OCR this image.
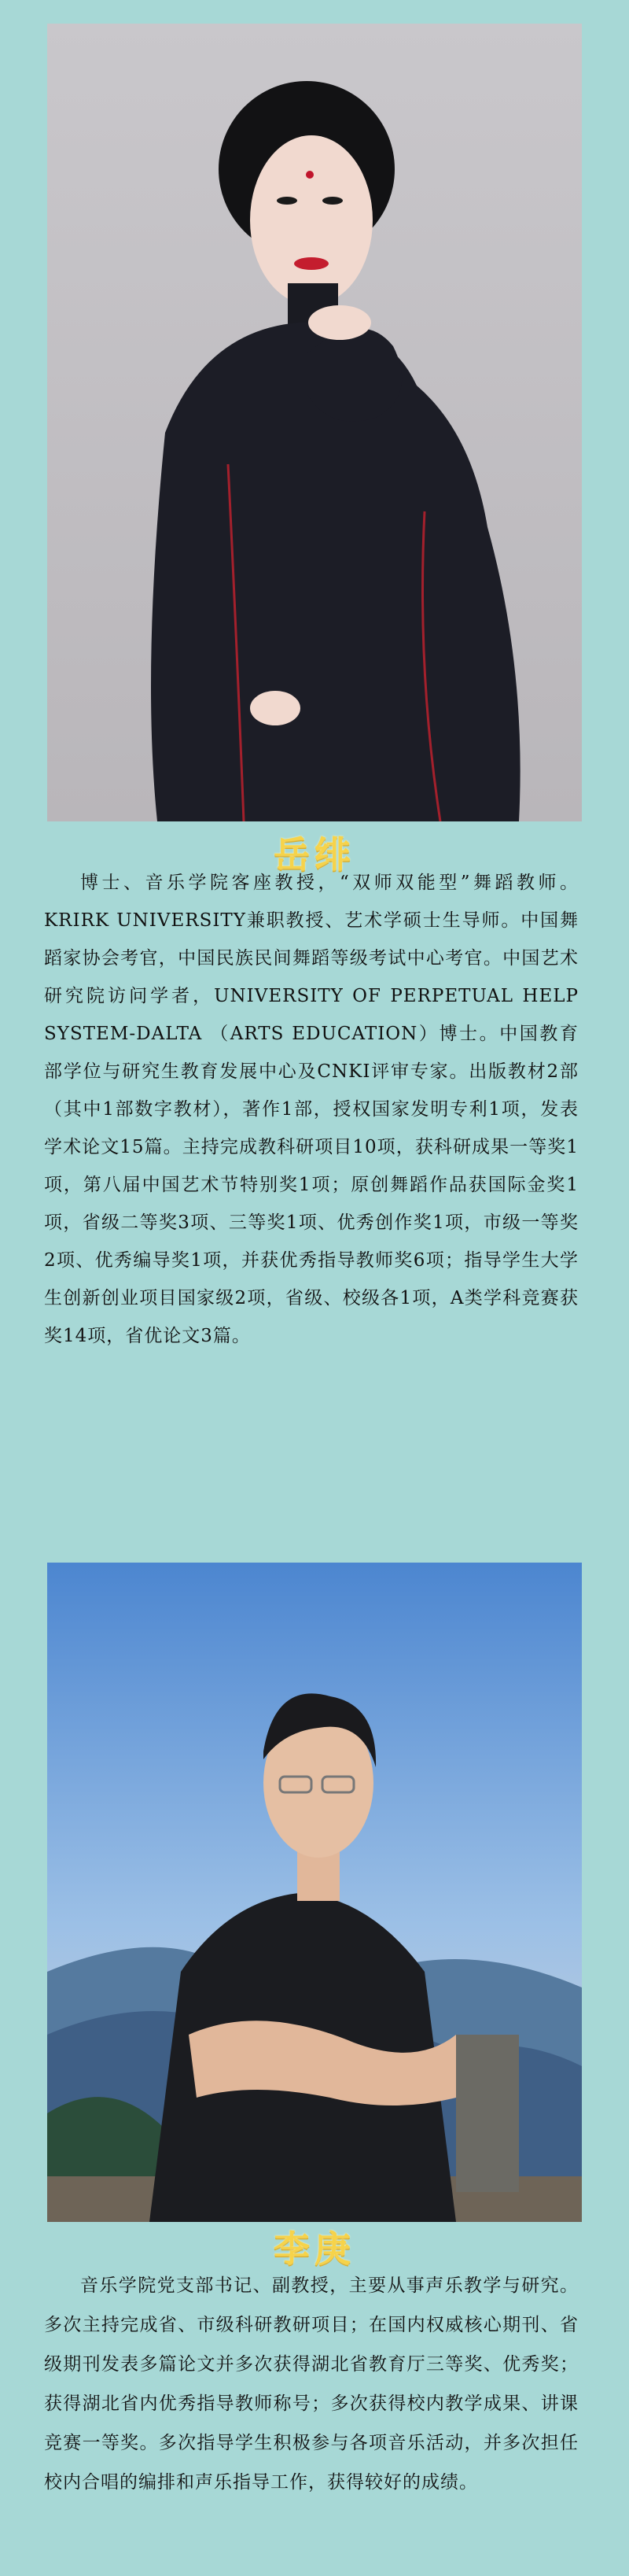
岳绯

博士、音乐学院客座教授，“双师双能型”舞蹈教师。KRIRK UNIVERSITY兼职教授、艺术学硕士生导师。中国舞蹈家协会考官，中国民族民间舞蹈等级考试中心考官。中国艺术研究院访问学者，UNIVERSITY OF PERPETUAL HELP SYSTEM-DALTA （ARTS EDUCATION）博士。中国教育部学位与研究生教育发展中心及CNKI评审专家。出版教材2部（其中1部数字教材），著作1部，授权国家发明专利1项，发表学术论文15篇。主持完成教科研项目10项，获科研成果一等奖1项，第八届中国艺术节特别奖1项；原创舞蹈作品获国际金奖1项，省级二等奖3项、三等奖1项、优秀创作奖1项，市级一等奖2项、优秀编导奖1项，并获优秀指导教师奖6项；指导学生大学生创新创业项目国家级2项，省级、校级各1项，A类学科竞赛获奖14项，省优论文3篇。

李庚

音乐学院党支部书记、副教授，主要从事声乐教学与研究。多次主持完成省、市级科研教研项目；在国内权威核心期刊、省级期刊发表多篇论文并多次获得湖北省教育厅三等奖、优秀奖；获得湖北省内优秀指导教师称号；多次获得校内教学成果、讲课竞赛一等奖。多次指导学生积极参与各项音乐活动，并多次担任校内合唱的编排和声乐指导工作，获得较好的成绩。
